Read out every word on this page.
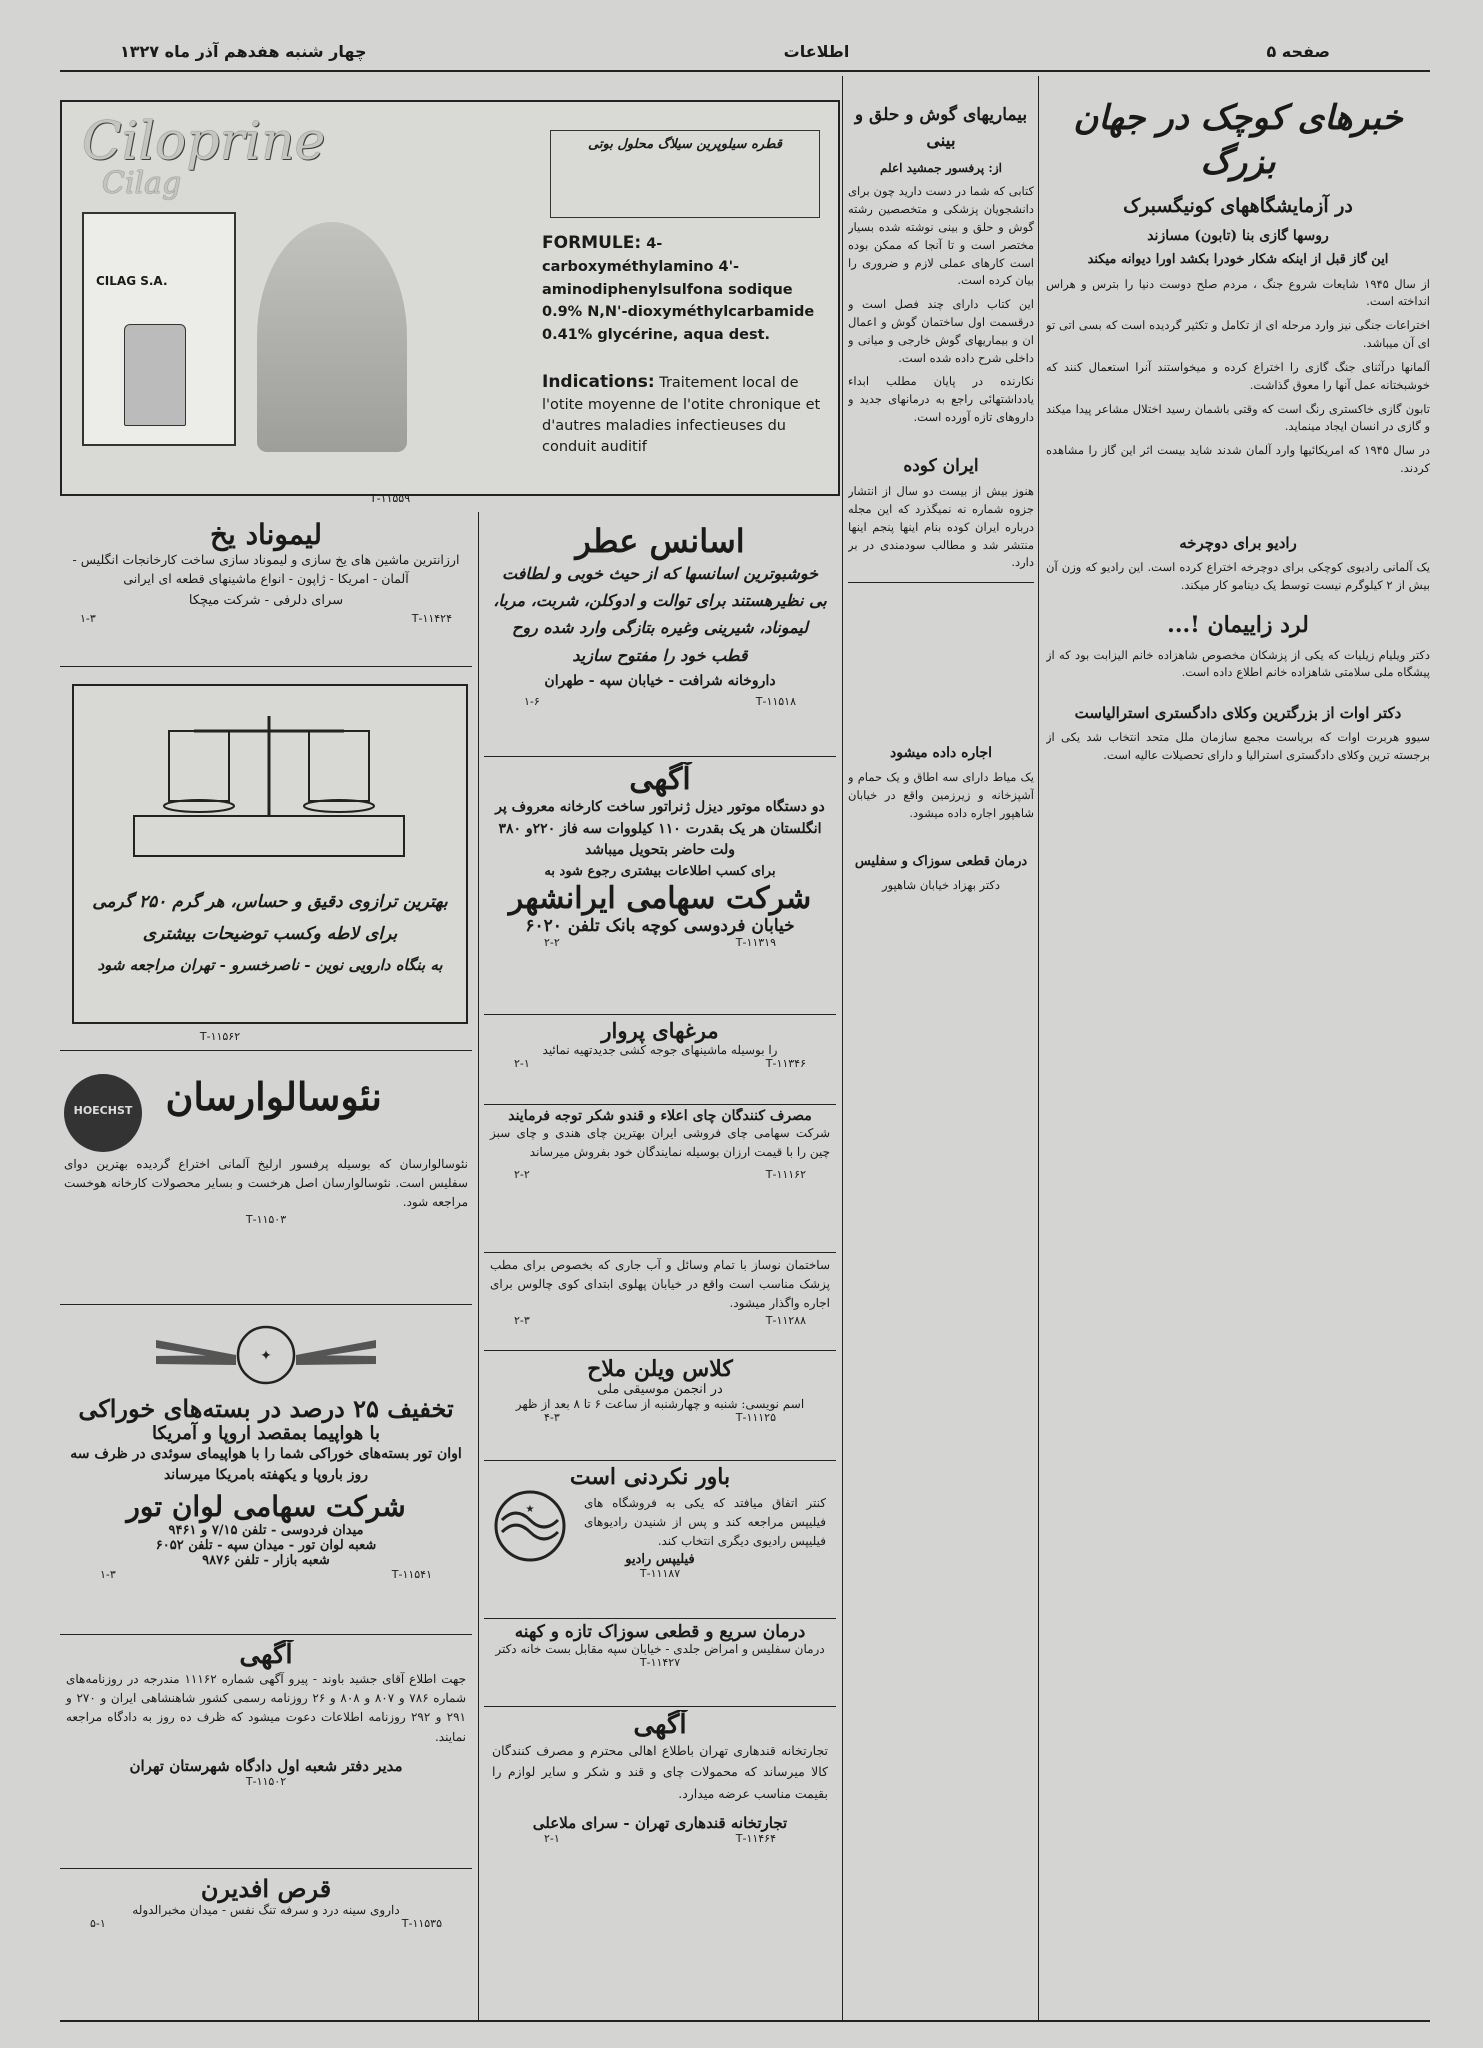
صفحه ۵
اطلاعات
چهار شنبه هفدهم آذر ماه ۱۳۲۷
خبرهای کوچک در جهان بزرگ
در آزمایشگاههای کونیگسبرک
روسها گازی بنا (تابون) مسازند
این گاز قبل از اینکه شکار خودرا بکشد اورا دیوانه میکند

از سال ۱۹۴۵ شایعات شروع جنگ ، مردم صلح دوست دنیا را بترس و هراس انداخته است.

اختراعات جنگی نیز وارد مرحله ای از تکامل و تکثیر گردیده است که بسی اتی تو ای آن میباشد.

آلمانها درآثنای جنگ گازی را اختراع کرده و میخواستند آنرا استعمال کنند که خوشبختانه عمل آنها را معوق گذاشت.

تابون گازی خاکستری رنگ است که وقتی باشمان رسید اختلال مشاعر پیدا میکند و گازی در انسان ایجاد مینماید.

در سال ۱۹۴۵ که امریکائیها وارد آلمان شدند شاید بیست اثر این گاز را مشاهده کردند.

رادیو برای دوچرخه

یک آلمانی رادیوی کوچکی برای دوچرخه اختراع کرده است. این رادیو که وزن آن بیش از ۲ کیلوگرم نیست توسط یک دینامو کار میکند.

لرد زاییمان !...

دکتر ویلیام زیلیات که یکی از پزشکان مخصوص شاهزاده خانم الیزابت بود که از پیشگاه ملی سلامتی شاهزاده خانم اطلاع داده است.

دکتر اوات از بزرگترین وکلای دادگستری استرالیاست

سیوو هربرت اوات که بریاست مجمع سازمان ملل متحد انتخاب شد یکی از برجسته ترین وکلای دادگستری استرالیا و دارای تحصیلات عالیه است.

بیماریهای گوش و حلق و بینی
از: پرفسور جمشید اعلم

کتابی که شما در دست دارید چون برای دانشجویان پزشکی و متخصصین رشته گوش و حلق و بینی نوشته شده بسیار مختصر است و تا آنجا که ممکن بوده است کارهای عملی لازم و ضروری را بیان کرده است.

این کتاب دارای چند فصل است و درقسمت اول ساختمان گوش و اعمال ان و بیماریهای گوش خارجی و میانی و داخلی شرح داده شده است.

نکارنده در پایان مطلب ابداء یادداشتهائی راجع به درمانهای جدید و داروهای تازه آورده است.

ایران کوده

هنوز بیش از بیست دو سال از انتشار جزوه شماره نه نمیگذرد که این مجله درباره ایران کوده بنام اینها پنجم اینها منتشر شد و مطالب سودمندی در بر دارد.

اجاره داده میشود

یک میاط دارای سه اطاق و یک حمام و آشپزخانه و زیرزمین واقع در خیابان شاهپور اجاره داده میشود.

درمان قطعی سوزاک و سفلیس

دکتر بهزاد خیابان شاهپور

Ciloprine
Cilag
CILAG S.A.
قطره سیلوپرین سیلاگ محلول بوتی
FORMULE: 4-carboxyméthylamino 4'-aminodiphenylsulfona sodique 0.9% N,N'-dioxyméthylcarbamide 0.41% glycérine, aqua dest.
Indications: Traitement local de l'otite moyenne de l'otite chronique et d'autres maladies infectieuses du conduit auditif
۱۱۵۵۹-T
لیموناد یخ
ارزانترین ماشین های یخ سازی و لیموناد سازی ساخت کارخانجات انگلیس - آلمان - امریکا - ژاپون - انواع ماشینهای قطعه ای ایرانی
سرای دلرفی - شرکت میچکا
۱۱۴۲۴-T
۱-۳
اسانس عطر
خوشبوترین اسانسها که از حیث خوبی و لطافت بی نظیرهستند برای توالت و ادوکلن، شربت، مربا، لیموناد، شیرینی وغیره بتازگی وارد شده روح قطب خود را مفتوح سازید
داروخانه شرافت - خیابان سپه - طهران
۱۱۵۱۸-T
۱-۶
بهترین ترازوی دقیق و حساس، هر گرم ۲۵۰ گرمی
برای لاطه وکسب توضیحات بیشتری
به بنگاه دارویی نوین - ناصرخسرو - تهران مراجعه شود
۱۱۵۶۲-T
آگهی
دو دستگاه موتور دیزل ژنراتور ساخت کارخانه معروف پر انگلستان هر یک بقدرت ۱۱۰ کیلووات سه فاز ۲۲۰و ۳۸۰ ولت حاضر بتحویل میباشد
برای کسب اطلاعات بیشتری رجوع شود به
شرکت سهامی ایرانشهر
خیابان فردوسی کوچه بانک تلفن ۶۰۲۰
۱۱۳۱۹-T
۲-۲
مرغهای پروار
را بوسیله ماشینهای جوجه کشی جدیدتهیه نمائید
۱۱۳۴۶-T
۲-۱
مصرف کنندگان چای اعلاء و قندو شکر توجه فرمایند
شرکت سهامی چای فروشی ایران بهترین چای هندی و چای سبز چین را با قیمت ارزان بوسیله نمایندگان خود بفروش میرساند
۱۱۱۶۲-T
۲-۲
ساختمان نوساز با تمام وسائل و آب جاری که بخصوص برای مطب پزشک مناسب است واقع در خیابان پهلوی ابتدای کوی چالوس برای اجاره واگذار میشود.
۱۱۲۸۸-T
۲-۳
کلاس ویلن ملاح
در انجمن موسیقی ملی
اسم نویسی: شنبه و چهارشنبه از ساعت ۶ تا ۸ بعد از ظهر
۱۱۱۲۵-T
۴-۳
باور نکردنی است
★	کنتر اتفاق میافتد که یکی به فروشگاه های فیلیپس مراجعه کند و پس از شنیدن رادیوهای فیلیپس رادیوی دیگری انتخاب کند.
فیلیپس رادیو
۱۱۱۸۷-T
درمان سریع و قطعی سوزاک تازه و کهنه
درمان سفلیس و امراض جلدی - خیابان سپه مقابل بست خانه دکتر
۱۱۴۲۷-T
آگهی
تجارتخانه قندهاری تهران باطلاع اهالی محترم و مصرف کنندگان کالا میرساند که محمولات چای و قند و شکر و سایر لوازم را بقیمت مناسب عرضه میدارد.
تجارتخانه قندهاری تهران - سرای ملاعلی
۱۱۴۶۴-T
۲-۱
HOECHST نئوسالوارسان
نئوسالوارسان که بوسیله پرفسور ارلیخ آلمانی اختراع گردیده بهترین دوای سفلیس است. نئوسالوارسان اصل هرخست و بسایر محصولات کارخانه هوخست مراجعه شود.
۱۱۵۰۳-T
✦
تخفیف ۲۵ درصد در بسته‌های خوراکی
با هواپیما بمقصد اروپا و آمریکا
اوان تور بسته‌های خوراکی شما را با هواپیمای سوئدی در ظرف سه روز باروپا و یکهفته بامریکا میرساند
شرکت سهامی لوان تور
میدان فردوسی - تلفن ۷/۱۵ و ۹۴۶۱
شعبه لوان تور - میدان سپه - تلفن ۶۰۵۲
شعبه بازار - تلفن ۹۸۷۶
۱۱۵۴۱-T
۱-۳
آگهی
جهت اطلاع آقای جشید باوند - پیرو آگهی شماره ۱۱۱۶۲ مندرجه در روزنامه‌های شماره ۷۸۶ و ۸۰۷ و ۸۰۸ و ۲۶ روزنامه رسمی کشور شاهنشاهی ایران و ۲۷۰ و ۲۹۱ و ۲۹۲ روزنامه اطلاعات دعوت میشود که ظرف ده روز به دادگاه مراجعه نمایند.
مدیر دفتر شعبه اول دادگاه شهرستان تهران
۱۱۵۰۲-T
قرص افدیرن
داروی سینه درد و سرفه تنگ نفس - میدان مخبرالدوله
۱۱۵۳۵-T
۵-۱
